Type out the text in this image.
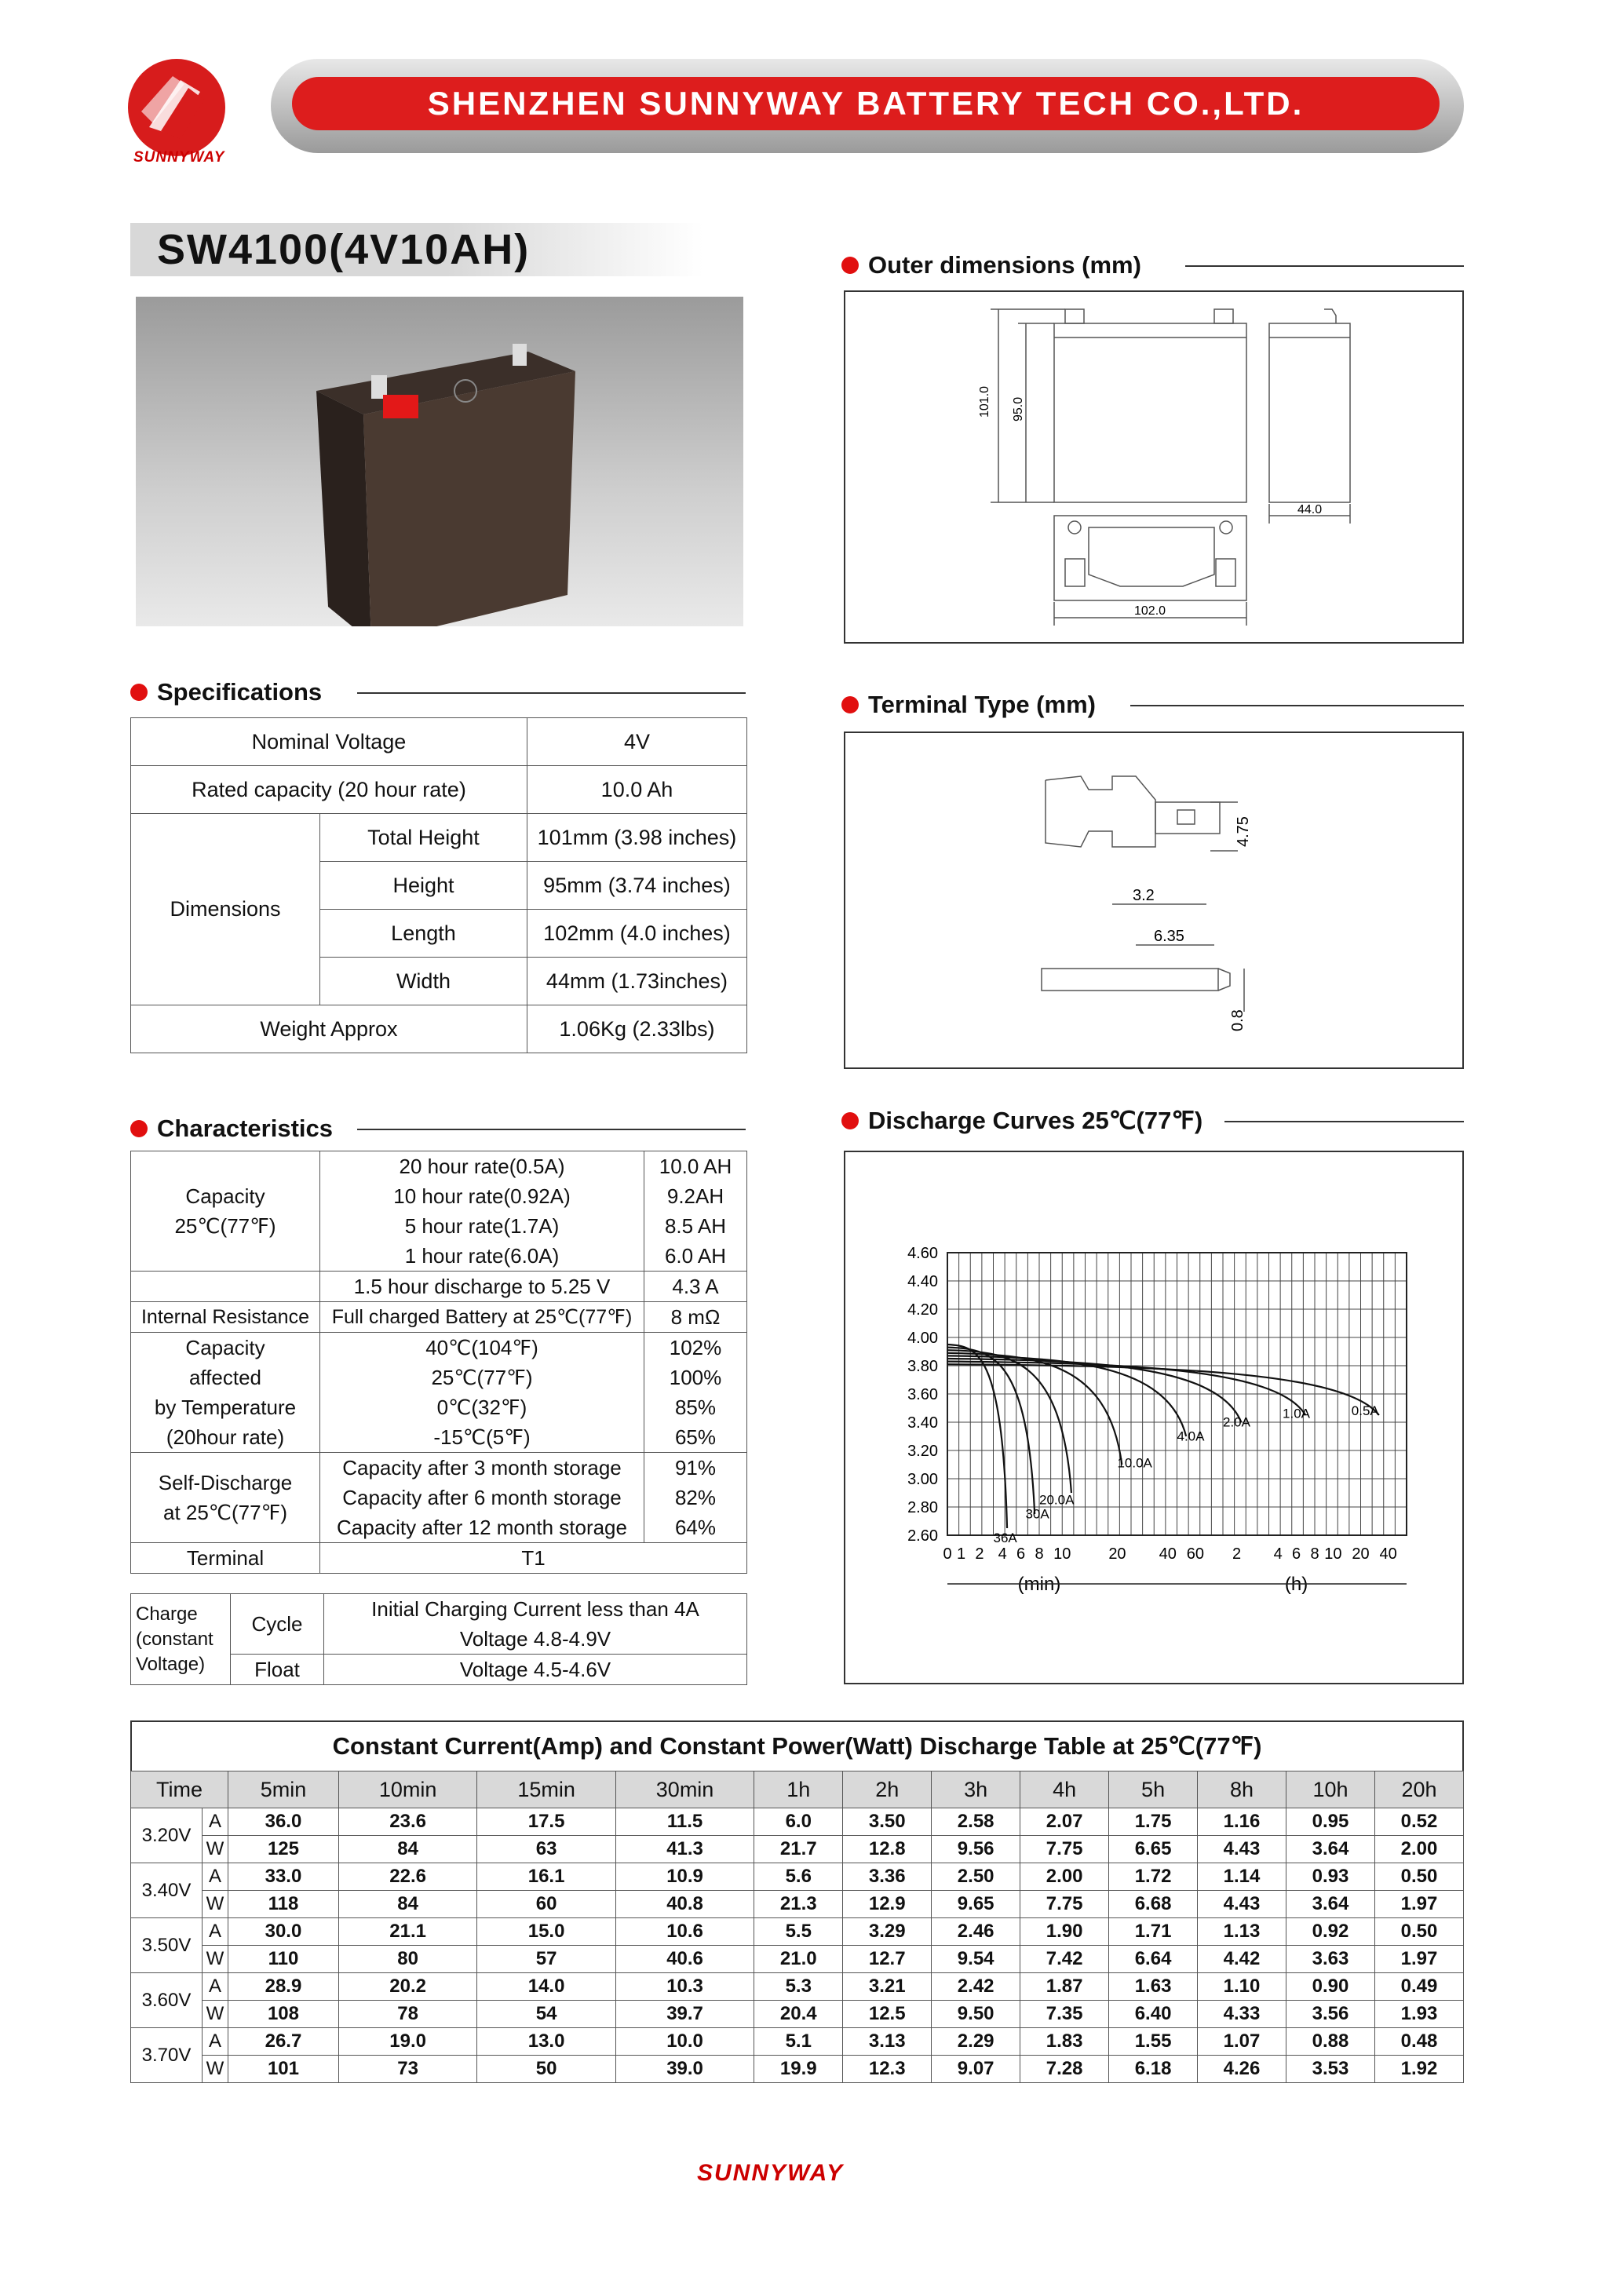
SUNNYWAY
SHENZHEN SUNNYWAY BATTERY TECH CO.,LTD.
SW4100(4V10AH)	Outer dimensions (mm)
101.0 95.0
44.0
102.0
Specifications
Nominal Voltage		4V
Rated capacity (20 hour rate)		10.0 Ah
Dimensions	Total Height	101mm (3.98 inches)
	Height	95mm (3.74 inches)
	Length	102mm (4.0 inches)
	Width	44mm (1.73inches)
Weight Approx		1.06Kg (2.33lbs)
Terminal Type (mm)
4.75
3.2
6.35
0.8
Characteristics
Capacity
25℃(77℉)	20 hour rate(0.5A)	10.0 AH
	10 hour rate(0.92A)	9.2AH
	5 hour rate(1.7A)	8.5 AH
	1 hour rate(6.0A)	6.0 AH
	1.5 hour discharge to 5.25 V	4.3 A
Internal Resistance	Full charged Battery at 25℃(77℉)	8 mΩ
Capacity
affected
by Temperature
(20hour rate)	40℃(104℉)	102%
	25℃(77℉)	100%
	0℃(32℉)	85%
	-15℃(5℉)	65%
Self-Discharge
at 25℃(77℉)	Capacity after 3 month storage	91%
	Capacity after 6 month storage	82%
	Capacity after 12 month storage	64%
Terminal	T1	
Charge
(constant
Voltage)	Cycle	Initial Charging Current less than 4A
		Voltage 4.8-4.9V
	Float	Voltage 4.5-4.6V
Discharge Curves 25℃(77℉)
4.60
4.40
4.20
4.00
3.80
3.60
3.40
3.20
3.00
2.80
2.60
0 1 2 4 6 8 10 20 40 60 2 4 6 8 10 20 40
(min)	(h)
36A
30A
20.0A
10.0A
4.0A
2.0A
1.0A	0.5A
Constant Current(Amp) and Constant Power(Watt) Discharge Table at 25℃(77℉)
Time		5min	10min	15min	30min	1h	2h	3h	4h	5h	8h	10h	20h
3.20V	A	36.0	23.6	17.5	11.5	6.0	3.50	2.58	2.07	1.75	1.16	0.95	0.52
	W	125	84	63	41.3	21.7	12.8	9.56	7.75	6.65	4.43	3.64	2.00
3.40V	A	33.0	22.6	16.1	10.9	5.6	3.36	2.50	2.00	1.72	1.14	0.93	0.50
	W	118	84	60	40.8	21.3	12.9	9.65	7.75	6.68	4.43	3.64	1.97
3.50V	A	30.0	21.1	15.0	10.6	5.5	3.29	2.46	1.90	1.71	1.13	0.92	0.50
	W	110	80	57	40.6	21.0	12.7	9.54	7.42	6.64	4.42	3.63	1.97
3.60V	A	28.9	20.2	14.0	10.3	5.3	3.21	2.42	1.87	1.63	1.10	0.90	0.49
	W	108	78	54	39.7	20.4	12.5	9.50	7.35	6.40	4.33	3.56	1.93
3.70V	A	26.7	19.0	13.0	10.0	5.1	3.13	2.29	1.83	1.55	1.07	0.88	0.48
	W	101	73	50	39.0	19.9	12.3	9.07	7.28	6.18	4.26	3.53	1.92
SUNNYWAY
